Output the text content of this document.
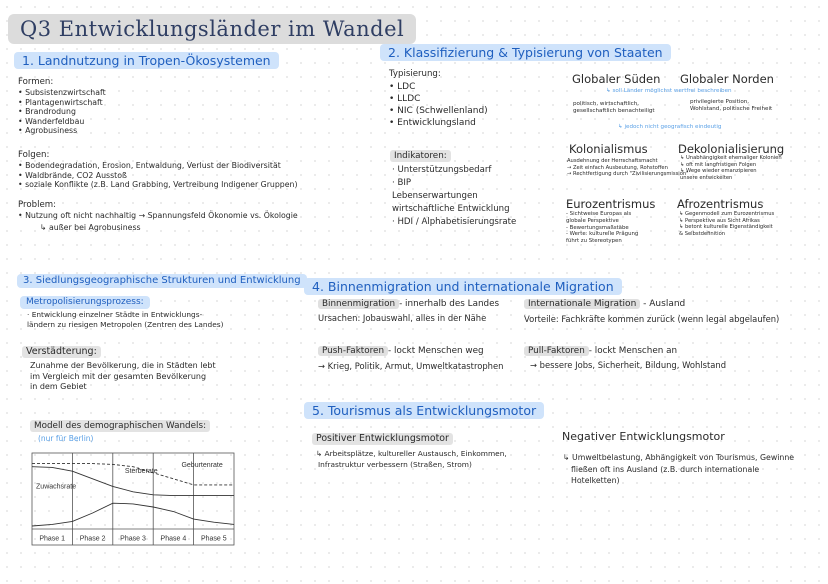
Q3 Entwicklungsländer im Wandel
1. Landnutzung in Tropen-Ökosystemen
Formen:
• Subsistenzwirtschaft
• Plantagenwirtschaft
• Brandrodung
• Wanderfeldbau
• Agrobusiness
Folgen:
• Bodendegradation, Erosion, Entwaldung, Verlust der Biodiversität
• Waldbrände, CO2 Ausstoß
• soziale Konflikte (z.B. Land Grabbing, Vertreibung Indigener Gruppen)
Problem:
• Nutzung oft nicht nachhaltig → Spannungsfeld Ökonomie vs. Ökologie
↳ außer bei Agrobusiness
2. Klassifizierung & Typisierung von Staaten
Typisierung:
• LDC
• LLDC
• NIC (Schwellenland)
• Entwicklungsland
Indikatoren:
· Unterstützungsbedarf
· BIP
Lebenserwartungen
wirtschaftliche Entwicklung
· HDI / Alphabetisierungsrate
Globaler Süden Globaler Norden
↳ soll Länder möglichst wertfrei beschreiben
politisch, wirtschaftlich,
gesellschaftlich benachteiligt
privilegierte Position,
Wohlstand, politische Freiheit
↳ jedoch nicht geografisch eindeutig
Kolonialismus
Ausdehnung der Herrschaftsmacht
→ Zeit einfach Ausbeutung, Rohstoffen
→ Rechtfertigung durch "Zivilisierungsmission"
Dekolonialisierung
↳ Unabhängigkeit ehemaliger Kolonien
↳ oft mit langfristigen Folgen
↳ Wege wieder emanzipieren
unsere entwickelten
Eurozentrismus
- Sichtweise Europas als
globale Perspektive
- Bewertungsmaßstäbe
- Werte: kulturelle Prägung
führt zu Stereotypen
Afrozentrismus
↳ Gegenmodell zum Eurozentrismus
↳ Perspektive aus Sicht Afrikas
↳ betont kulturelle Eigenständigkeit
& Selbstdefinition
3. Siedlungsgeographische Strukturen und Entwicklung
Metropolisierungsprozess:
· Entwicklung einzelner Städte in Entwicklungs-
ländern zu riesigen Metropolen (Zentren des Landes)
Verstädterung:
Zunahme der Bevölkerung, die in Städten lebt
im Vergleich mit der gesamten Bevölkerung
in dem Gebiet
Modell des demographischen Wandels:
(nur für Berlin)
Phase 1 Phase 2 Phase 3 Phase 4 Phase 5
Geburtenrate
Sterberate
Zuwachsrate
4. Binnenmigration und internationale Migration
Binnenmigration - innerhalb des Landes
Ursachen: Jobauswahl, alles in der Nähe
Internationale Migration - Ausland
Vorteile: Fachkräfte kommen zurück (wenn legal abgelaufen)
Push-Faktoren - lockt Menschen weg
→ Krieg, Politik, Armut, Umweltkatastrophen
Pull-Faktoren - lockt Menschen an
→ bessere Jobs, Sicherheit, Bildung, Wohlstand
5. Tourismus als Entwicklungsmotor
Positiver Entwicklungsmotor
↳ Arbeitsplätze, kultureller Austausch, Einkommen,
Infrastruktur verbessern (Straßen, Strom)
Negativer Entwicklungsmotor
↳ Umweltbelastung, Abhängigkeit von Tourismus, Gewinne
fließen oft ins Ausland (z.B. durch internationale
Hotelketten)
